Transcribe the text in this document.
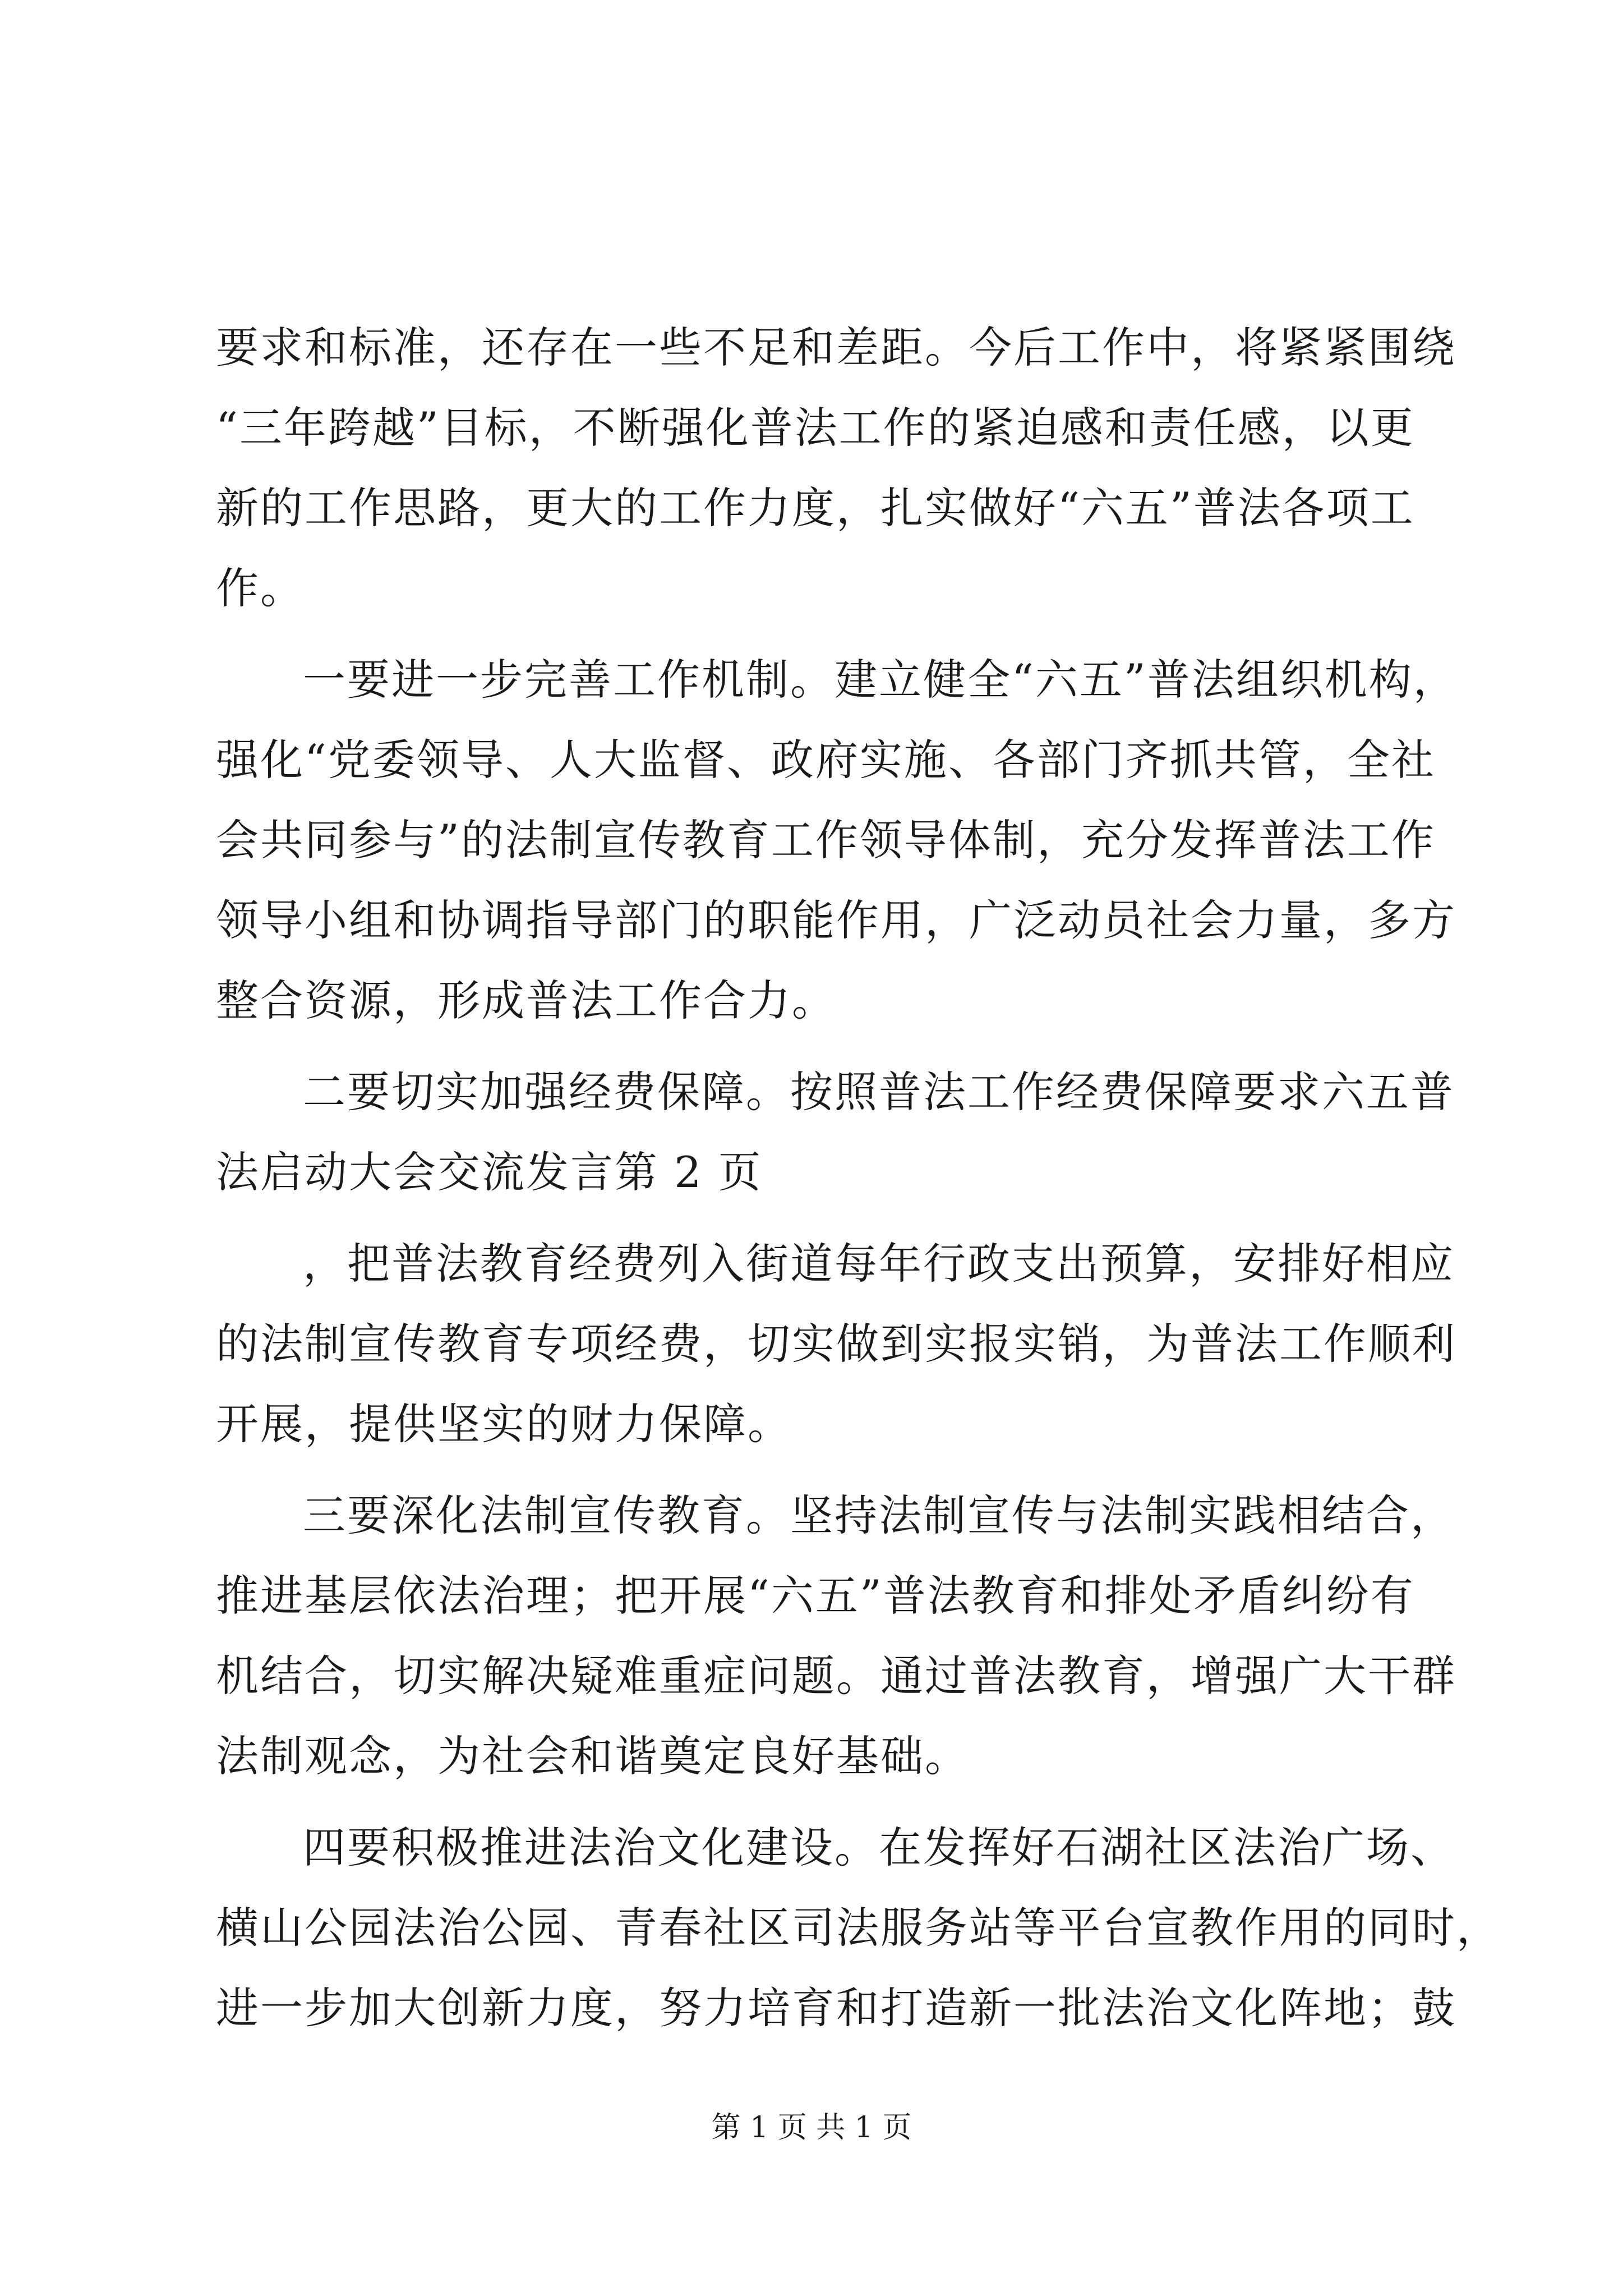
要求和标准，还存在一些不足和差距。今后工作中，将紧紧围绕
“三年跨越”目标，不断强化普法工作的紧迫感和责任感，以更
新的工作思路，更大的工作力度，扎实做好“六五”普法各项工
作。
一要进一步完善工作机制。建立健全“六五”普法组织机构，
强化“党委领导、人大监督、政府实施、各部门齐抓共管，全社
会共同参与”的法制宣传教育工作领导体制，充分发挥普法工作
领导小组和协调指导部门的职能作用，广泛动员社会力量，多方
整合资源，形成普法工作合力。
二要切实加强经费保障。按照普法工作经费保障要求六五普
法启动大会交流发言第 2 页
，把普法教育经费列入街道每年行政支出预算，安排好相应
的法制宣传教育专项经费，切实做到实报实销，为普法工作顺利
开展，提供坚实的财力保障。
三要深化法制宣传教育。坚持法制宣传与法制实践相结合，
推进基层依法治理；把开展“六五”普法教育和排处矛盾纠纷有
机结合，切实解决疑难重症问题。通过普法教育，增强广大干群
法制观念，为社会和谐奠定良好基础。
四要积极推进法治文化建设。在发挥好石湖社区法治广场、
横山公园法治公园、青春社区司法服务站等平台宣教作用的同时，
进一步加大创新力度，努力培育和打造新一批法治文化阵地；鼓
第 1 页 共 1 页
